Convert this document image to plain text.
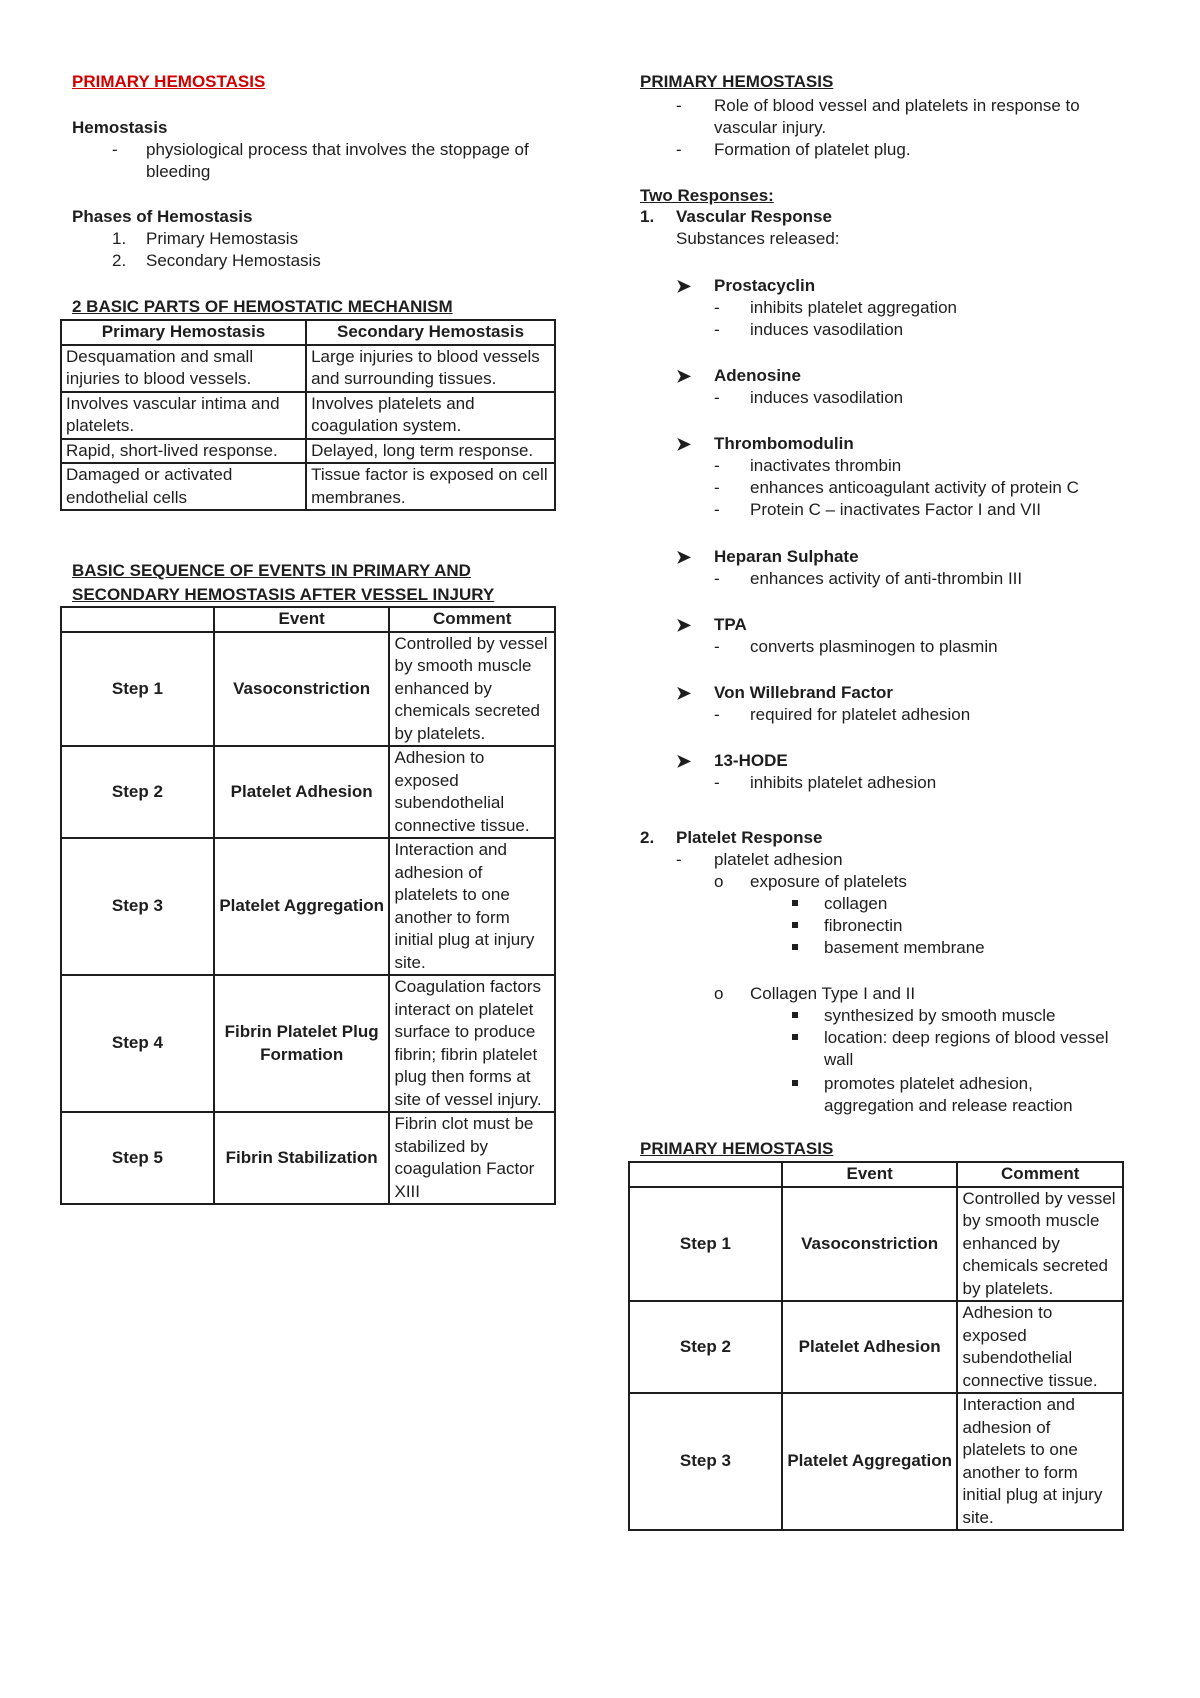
PRIMARY HEMOSTASIS
Hemostasis
- physiological process that involves the stoppage of bleeding
Phases of Hemostasis
1. Primary Hemostasis
2. Secondary Hemostasis
2 BASIC PARTS OF HEMOSTATIC MECHANISM
Primary Hemostasis	Secondary Hemostasis
Desquamation and small injuries to blood vessels.	Large injuries to blood vessels and surrounding tissues.
Involves vascular intima and platelets.	Involves platelets and coagulation system.
Rapid, short-lived response.	Delayed, long term response.
Damaged or activated endothelial cells	Tissue factor is exposed on cell membranes.
BASIC SEQUENCE OF EVENTS IN PRIMARY AND
SECONDARY HEMOSTASIS AFTER VESSEL INJURY
	Event	Comment
Step 1	Vasoconstriction	Controlled by vessel by smooth muscle enhanced by chemicals secreted by platelets.
Step 2	Platelet Adhesion	Adhesion to exposed subendothelial connective tissue.
Step 3	Platelet Aggregation	Interaction and adhesion of platelets to one another to form initial plug at injury site.
Step 4	Fibrin Platelet Plug Formation	Coagulation factors interact on platelet surface to produce fibrin; fibrin platelet plug then forms at site of vessel injury.
Step 5	Fibrin Stabilization	Fibrin clot must be stabilized by coagulation Factor XIII
PRIMARY HEMOSTASIS
- Role of blood vessel and platelets in response to vascular injury.
- Formation of platelet plug.
Two Responses:
1. Vascular Response
Substances released:
➤ Prostacyclin
- inhibits platelet aggregation
- induces vasodilation
➤ Adenosine
- induces vasodilation
➤ Thrombomodulin
- inactivates thrombin
- enhances anticoagulant activity of protein C
- Protein C – inactivates Factor I and VII
➤ Heparan Sulphate
- enhances activity of anti-thrombin III
➤ TPA
- converts plasminogen to plasmin
➤ Von Willebrand Factor
- required for platelet adhesion
➤ 13-HODE
- inhibits platelet adhesion
2. Platelet Response
- platelet adhesion
o exposure of platelets
collagen
fibronectin
basement membrane
o Collagen Type I and II
synthesized by smooth muscle
location: deep regions of blood vessel wall
promotes platelet adhesion, aggregation and release reaction
PRIMARY HEMOSTASIS
	Event	Comment
Step 1	Vasoconstriction	Controlled by vessel by smooth muscle enhanced by chemicals secreted by platelets.
Step 2	Platelet Adhesion	Adhesion to exposed subendothelial connective tissue.
Step 3	Platelet Aggregation	Interaction and adhesion of platelets to one another to form initial plug at injury site.
